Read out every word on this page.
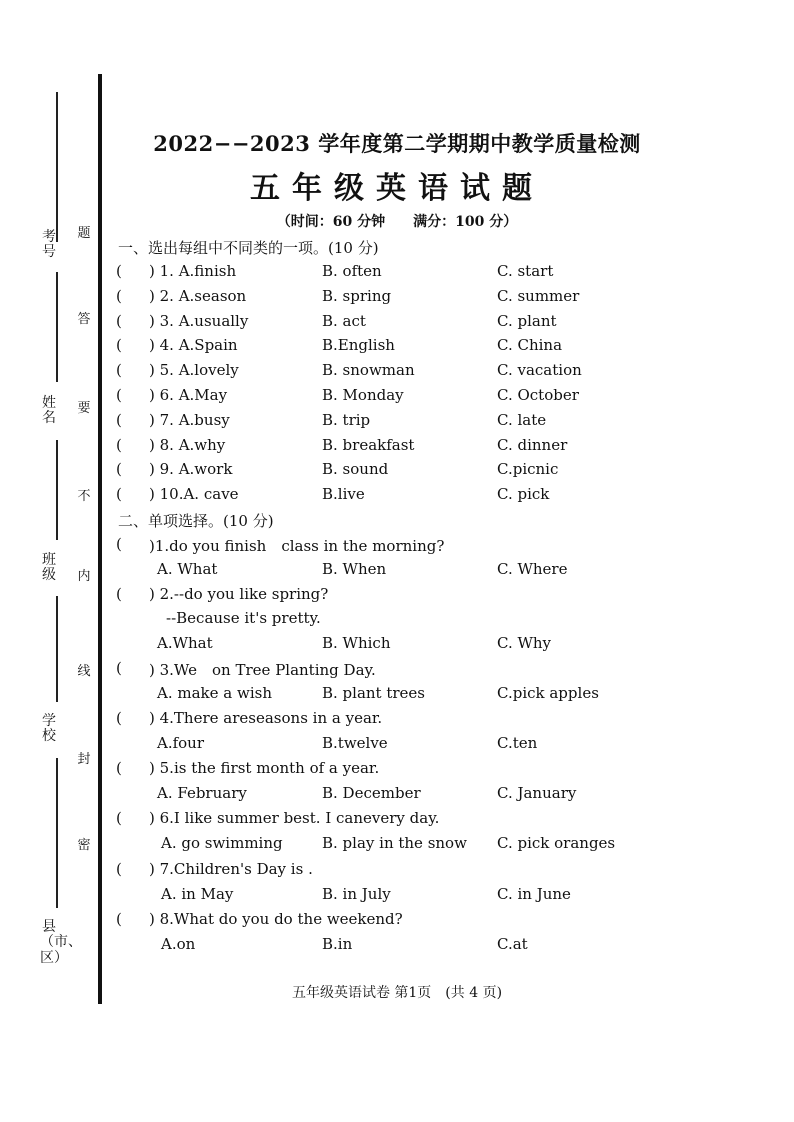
考号
姓名
班级
学校
县（市、区）
题
答
要
不
内
线
封
密
2022−−2023 学年度第二学期期中教学质量检测
五年级英语试题
（时间：60 分钟　　满分：100 分）
一、选出每组中不同类的一项。(10 分)
( ) 1. A.finish	B. often	C. start
( ) 2. A.season	B. spring	C. summer
( ) 3. A.usually	B. act	C. plant
( ) 4. A.Spain	B.English	C. China
( ) 5. A.lovely	B. snowman	C. vacation
( ) 6. A.May	B. Monday	C. October
( ) 7. A.busy	B. trip	C. late
( ) 8. A.why	B. breakfast	C. dinner
( ) 9. A.work	B. sound	C.picnic
( ) 10.A. cave	B.live	C. pick
二、单项选择。(10 分)
( )1.
do you finish　class in the morning?
A. What	B. When	C. Where
( ) 2.--
do you like spring?
--Because it's pretty.
A.What	B. Which	C. Why
( ) 3.We
　 on Tree Planting Day.
A. make a wish	B. plant trees	C.pick apples
( ) 4.There are
seasons in a year.
A.four	B.twelve	C.ten
( ) 5.
is the first month of a year.
A. February	B. December	C. January
( ) 6.I like summer best. I can
every day.
A. go swimming	B. play in the snow C. pick oranges
( ) 7.Children's Day is .
A. in May	B. in July	C. in June
( ) 8.What do you do the weekend?
A.on	B.in	C.at
五年级英语试卷 第1页　(共 4 页)
